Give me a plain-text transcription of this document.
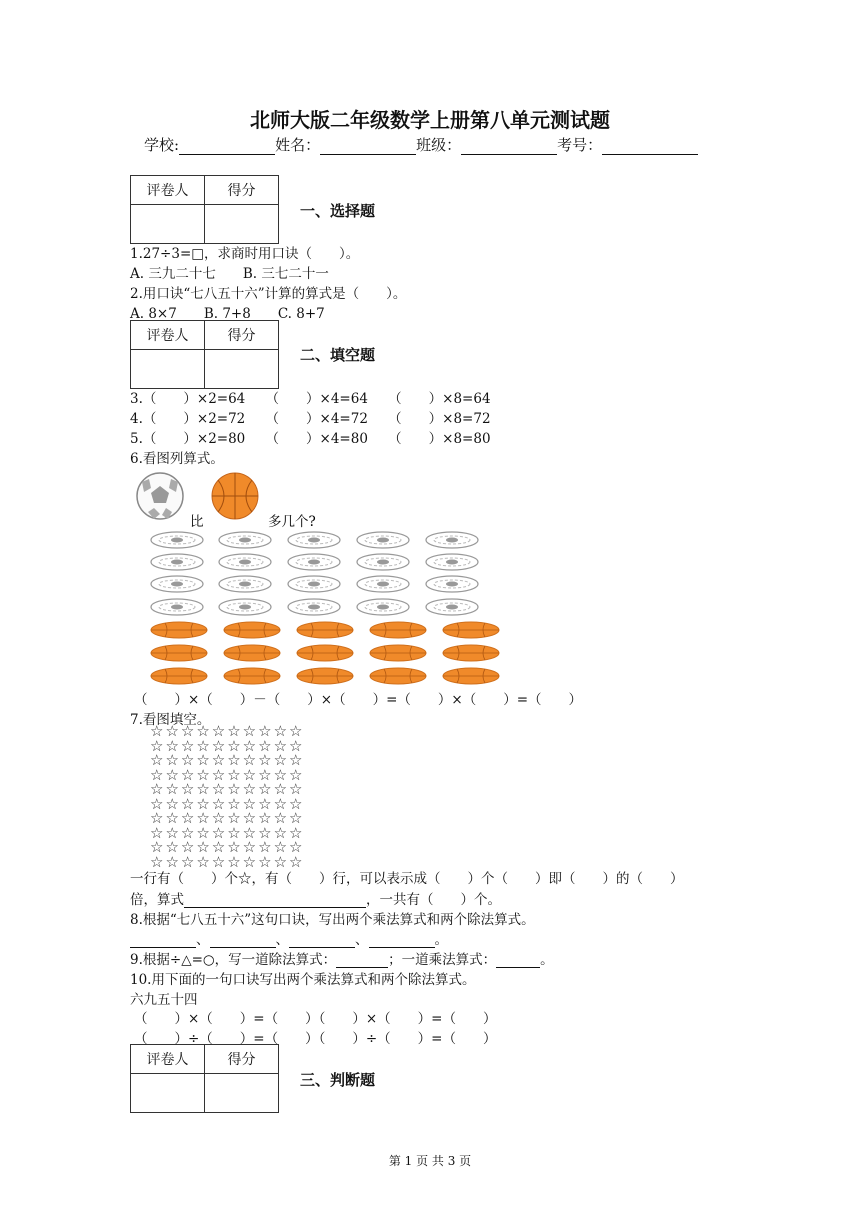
北师大版二年级数学上册第八单元测试题
学校:	姓名：	班级：	考号：
评卷人	得分

一、选择题
1.27÷3=□，求商时用口诀（　　）。
A. 三九二十七　　B. 三七二十一
2.用口诀“七八五十六”计算的算式是（　　）。
A. 8×7　　B. 7+8　　C. 8+7
评卷人	得分

二、填空题
3.（　　）×2=64　　（　　）×4=64　　（　　）×8=64
4.（　　）×2=72　　（　　）×4=72　　（　　）×8=72
5.（　　）×2=80　　（　　）×4=80　　（　　）×8=80
6.看图列算式。
比	多几个?
（　　）×（　　）－（　　）×（　　）=（　　）×（　　）=（　　）
7.看图填空。
☆☆☆☆☆☆☆☆☆☆
☆☆☆☆☆☆☆☆☆☆
☆☆☆☆☆☆☆☆☆☆
☆☆☆☆☆☆☆☆☆☆
☆☆☆☆☆☆☆☆☆☆
☆☆☆☆☆☆☆☆☆☆
☆☆☆☆☆☆☆☆☆☆
☆☆☆☆☆☆☆☆☆☆
☆☆☆☆☆☆☆☆☆☆
☆☆☆☆☆☆☆☆☆☆
一行有（　　）个☆，有（　　）行，可以表示成（　　）个（　　）即（　　）的（　　）
倍，算式	，一共有（　　）个。
8.根据“七八五十六”这句口诀，写出两个乘法算式和两个除法算式。
、	、	、	。
9.根据÷△=○，写一道除法算式：	；一道乘法算式：	。
10.用下面的一句口诀写出两个乘法算式和两个除法算式。
六九五十四
（　　）×（　　）=（　　）（　　）×（　　）=（　　）
（　　）÷（　　）=（　　）（　　）÷（　　）=（　　）
评卷人	得分

三、判断题
第 1 页 共 3 页
